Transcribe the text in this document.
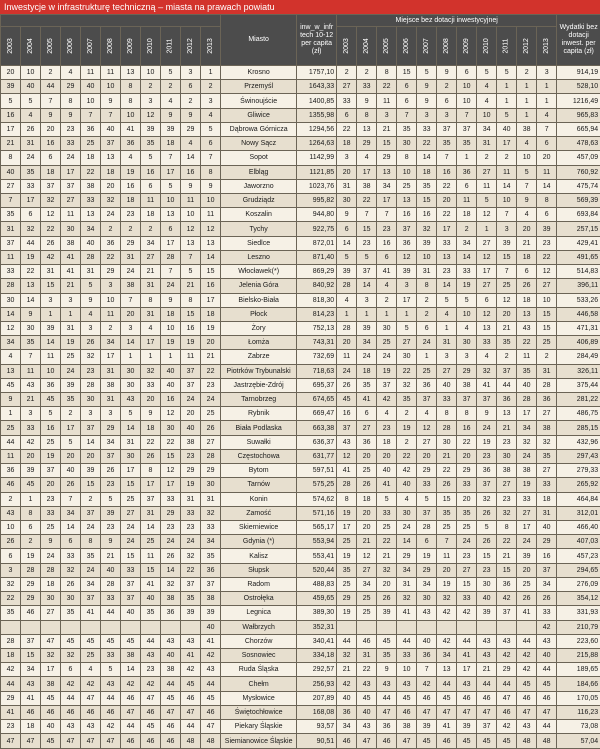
Inwestycje w infrastrukturę techniczną – miasta na prawach powiatu
											Miasto	inw_w_infr tech 10-12 per capita (zł)	Miejsce bez dotacji inwestycyjnej											Wydatki bez dotacji inwest. per capita (zł)
2003	2004	2005	2006	2007	2008	2009	2010	2011	2012	2013			2003	2004	2005	2006	2007	2008	2009	2010	2011	2012	2013	
20	10	2	4	11	11	13	10	5	3	1	Krosno	1757,10	2	2	8	15	5	9	6	5	5	2	3	914,19
39	40	44	29	40	10	8	2	2	6	2	Przemyśl	1643,33	27	33	22	6	9	2	10	4	1	1	1	528,10
5	5	7	8	10	9	8	3	4	2	3	Świnoujście	1400,85	33	9	11	6	9	6	10	4	1	1	1	1216,49
16	4	9	9	7	7	10	12	9	9	4	Gliwice	1355,98	6	8	3	7	3	3	7	10	5	1	4	965,83
17	26	20	23	36	40	41	39	39	29	5	Dąbrowa Górnicza	1294,56	22	13	21	35	33	37	37	34	40	38	7	665,94
21	31	16	33	25	37	36	35	18	4	6	Nowy Sącz	1264,63	18	29	15	30	22	35	35	31	17	4	6	478,63
8	24	6	24	18	13	4	5	7	14	7	Sopot	1142,99	3	4	29	8	14	7	1	2	2	10	20	457,09
40	35	18	17	22	18	19	16	17	16	8	Elbląg	1121,85	20	17	13	10	18	16	36	27	11	5	11	760,92
27	33	37	37	38	20	16	6	5	9	9	Jaworzno	1023,76	31	38	34	25	35	22	6	11	14	7	14	475,74
7	17	32	27	33	32	18	11	10	11	10	Grudziądz	995,82	30	22	17	13	15	20	11	5	10	9	8	569,39
35	6	12	11	13	24	23	18	13	10	11	Koszalin	944,80	9	7	7	16	16	22	18	12	7	4	6	693,84
31	32	22	30	34	2	2	2	6	12	12	Tychy	922,75	6	15	23	37	32	17	2	1	3	20	39	257,15
37	44	26	38	40	36	29	34	17	13	13	Siedlce	872,01	14	23	16	36	39	33	34	27	39	21	23	429,41
11	19	42	41	28	22	31	27	28	7	14	Leszno	871,40	5	5	6	12	10	13	14	12	15	18	22	491,65
33	22	31	41	31	29	24	21	7	5	15	Włocławek(*)	869,29	39	37	41	39	31	23	33	17	7	6	12	514,83
28	13	15	21	5	3	38	31	24	21	16	Jelenia Góra	840,92	28	14	4	3	8	14	19	27	25	26	27	396,11
30	14	3	3	9	10	7	8	9	8	17	Bielsko-Biała	818,30	4	3	2	17	2	5	5	6	12	18	10	533,26
14	9	1	1	4	11	20	31	18	15	18	Płock	814,23	1	1	1	1	2	4	10	12	20	13	15	446,58
12	30	39	31	3	2	3	4	10	16	19	Żory	752,13	28	39	30	5	6	1	4	13	21	43	15	471,31
34	35	14	19	26	34	14	17	19	19	20	Łomża	743,31	20	34	25	27	24	31	30	33	35	22	25	406,89
4	7	11	25	32	17	1	1	1	11	21	Zabrze	732,69	11	24	24	30	1	3	3	4	2	11	2	284,49
13	11	10	24	23	31	30	32	40	37	22	Piotrków Trybunalski	718,63	24	18	19	22	25	27	29	32	37	35	31	326,11
45	43	36	39	28	38	30	33	40	37	23	Jastrzębie-Zdrój	695,37	26	35	37	32	36	40	38	41	44	40	28	375,44
9	21	45	35	30	31	43	20	16	24	24	Tarnobrzeg	674,65	45	41	42	35	37	33	37	37	36	28	36	281,22
1	3	5	2	3	3	5	9	12	20	25	Rybnik	669,47	16	6	4	2	4	8	8	9	13	17	27	486,75
25	33	16	17	37	29	14	18	30	40	26	Biała Podlaska	663,38	37	27	23	19	12	28	16	24	21	34	38	285,15
44	42	25	5	14	34	31	22	22	38	27	Suwałki	636,37	43	36	18	2	27	30	22	19	23	32	32	432,96
11	20	19	20	20	37	30	26	15	23	28	Częstochowa	631,77	12	20	20	22	20	21	20	23	30	24	35	297,43
36	39	37	40	39	26	17	8	12	29	29	Bytom	597,51	41	25	40	42	29	22	29	36	38	38	27	279,33
46	45	20	26	15	23	15	17	17	19	30	Tarnów	575,25	28	26	41	40	33	26	33	37	27	19	33	265,92
2	1	23	7	2	5	25	37	33	31	31	Konin	574,62	8	18	5	4	5	15	20	32	23	33	18	464,84
43	8	33	34	37	39	27	31	29	33	32	Zamość	571,16	19	20	33	30	37	35	35	26	32	27	31	312,01
10	6	25	14	24	23	24	14	23	23	33	Skierniewice	565,17	17	20	25	24	28	25	25	5	8	17	40	466,40
26	2	9	6	8	9	24	25	24	24	34	Gdynia (*)	553,94	25	21	22	14	6	7	24	26	22	24	29	407,03
6	19	24	33	35	21	15	11	26	32	35	Kalisz	553,41	19	12	21	29	19	11	23	15	21	39	16	457,23
3	28	28	32	24	40	33	15	14	22	36	Słupsk	520,44	35	27	32	34	29	20	27	23	15	20	37	294,65
32	29	18	26	34	28	37	41	32	37	37	Radom	488,83	25	34	20	31	34	19	15	30	36	25	34	276,09
22	29	30	30	37	33	37	40	38	35	38	Ostrołęka	459,65	29	25	26	32	30	32	33	40	42	26	26	354,12
35	46	27	35	41	44	40	35	36	39	39	Legnica	389,30	19	25	39	41	43	42	42	39	37	41	33	331,93
										40	Wałbrzych	352,31											42	210,79
28	37	47	45	45	45	45	44	43	43	41	Chorzów	340,41	44	46	45	44	40	42	44	43	43	44	43	223,60
18	15	32	32	25	33	38	43	40	41	42	Sosnowiec	334,18	32	31	35	33	36	34	41	43	42	42	40	215,88
42	34	17	6	4	5	14	23	38	42	43	Ruda Śląska	292,57	21	22	9	10	7	13	17	21	29	42	44	189,65
44	43	38	42	42	43	42	42	44	45	44	Chełm	256,93	42	43	43	43	42	44	43	44	44	45	45	184,66
29	41	45	44	47	44	46	47	45	46	45	Mysłowice	207,89	40	45	44	45	46	45	46	46	47	46	46	170,05
41	46	46	46	46	46	47	46	47	47	46	Świętochłowice	168,08	36	40	47	46	47	47	47	47	46	47	47	116,23
23	18	40	43	43	42	44	45	46	44	47	Piekary Śląskie	93,57	34	43	36	38	39	41	39	37	42	43	44	73,08
47	47	45	47	47	47	46	46	46	48	48	Siemianowice Śląskie	90,51	46	47	46	47	45	46	45	45	45	48	48	57,04
